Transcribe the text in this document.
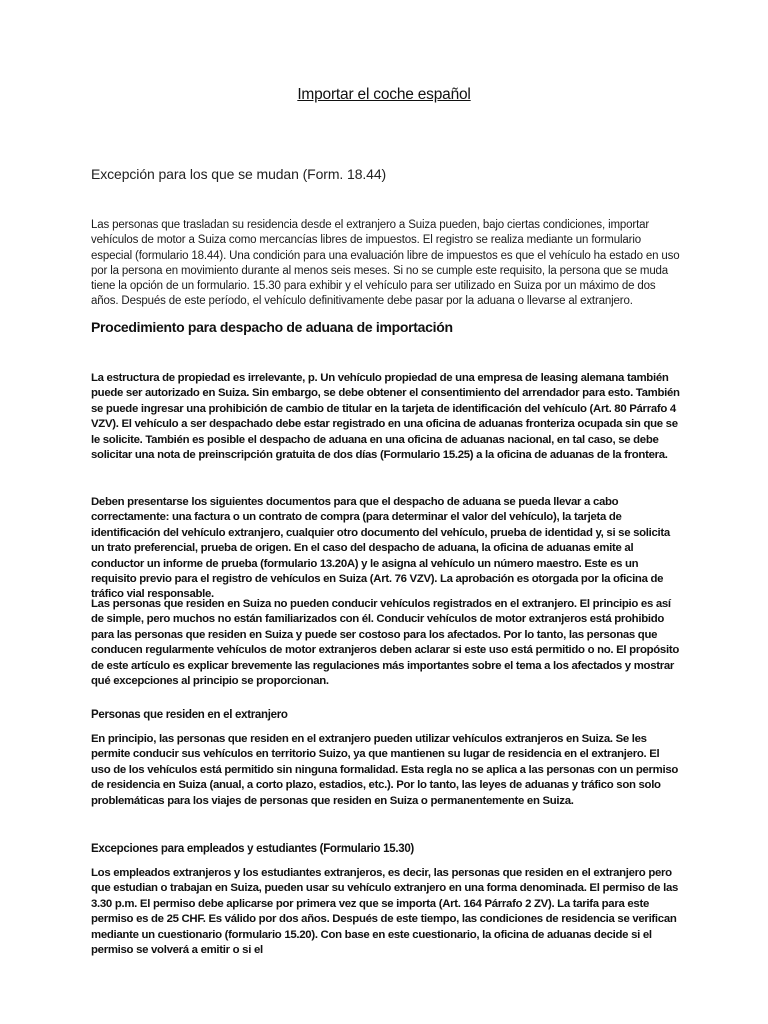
Importar el coche español
Excepción para los que se mudan (Form. 18.44)

Las personas que trasladan su residencia desde el extranjero a Suiza pueden, bajo ciertas condiciones, importar vehículos de motor a Suiza como mercancías libres de impuestos. El registro se realiza mediante un formulario especial (formulario 18.44). Una condición para una evaluación libre de impuestos es que el vehículo ha estado en uso por la persona en movimiento durante al menos seis meses. Si no se cumple este requisito, la persona que se muda tiene la opción de un formulario. 15.30 para exhibir y el vehículo para ser utilizado en Suiza por un máximo de dos años. Después de este período, el vehículo definitivamente debe pasar por la aduana o llevarse al extranjero.

Procedimiento para despacho de aduana de importación

La estructura de propiedad es irrelevante, p. Un vehículo propiedad de una empresa de leasing alemana también puede ser autorizado en Suiza. Sin embargo, se debe obtener el consentimiento del arrendador para esto. También se puede ingresar una prohibición de cambio de titular en la tarjeta de identificación del vehículo (Art. 80 Párrafo 4 VZV). El vehículo a ser despachado debe estar registrado en una oficina de aduanas fronteriza ocupada sin que se le solicite. También es posible el despacho de aduana en una oficina de aduanas nacional, en tal caso, se debe solicitar una nota de preinscripción gratuita de dos días (Formulario 15.25) a la oficina de aduanas de la frontera.

Deben presentarse los siguientes documentos para que el despacho de aduana se pueda llevar a cabo correctamente: una factura o un contrato de compra (para determinar el valor del vehículo), la tarjeta de identificación del vehículo extranjero, cualquier otro documento del vehículo, prueba de identidad y, si se solicita un trato preferencial, prueba de origen. En el caso del despacho de aduana, la oficina de aduanas emite al conductor un informe de prueba (formulario 13.20A) y le asigna al vehículo un número maestro. Este es un requisito previo para el registro de vehículos en Suiza (Art. 76 VZV). La aprobación es otorgada por la oficina de tráfico vial responsable.

Las personas que residen en Suiza no pueden conducir vehículos registrados en el extranjero. El principio es así de simple, pero muchos no están familiarizados con él. Conducir vehículos de motor extranjeros está prohibido para las personas que residen en Suiza y puede ser costoso para los afectados. Por lo tanto, las personas que conducen regularmente vehículos de motor extranjeros deben aclarar si este uso está permitido o no. El propósito de este artículo es explicar brevemente las regulaciones más importantes sobre el tema a los afectados y mostrar qué excepciones al principio se proporcionan.

Personas que residen en el extranjero

En principio, las personas que residen en el extranjero pueden utilizar vehículos extranjeros en Suiza. Se les permite conducir sus vehículos en territorio Suizo, ya que mantienen su lugar de residencia en el extranjero. El uso de los vehículos está permitido sin ninguna formalidad. Esta regla no se aplica a las personas con un permiso de residencia en Suiza (anual, a corto plazo, estadios, etc.). Por lo tanto, las leyes de aduanas y tráfico son solo problemáticas para los viajes de personas que residen en Suiza o permanentemente en Suiza.

Excepciones para empleados y estudiantes (Formulario 15.30)

Los empleados extranjeros y los estudiantes extranjeros, es decir, las personas que residen en el extranjero pero que estudian o trabajan en Suiza, pueden usar su vehículo extranjero en una forma denominada. El permiso de las 3.30 p.m. El permiso debe aplicarse por primera vez que se importa (Art. 164 Párrafo 2 ZV). La tarifa para este permiso es de 25 CHF. Es válido por dos años. Después de este tiempo, las condiciones de residencia se verifican mediante un cuestionario (formulario 15.20). Con base en este cuestionario, la oficina de aduanas decide si el permiso se volverá a emitir o si el
